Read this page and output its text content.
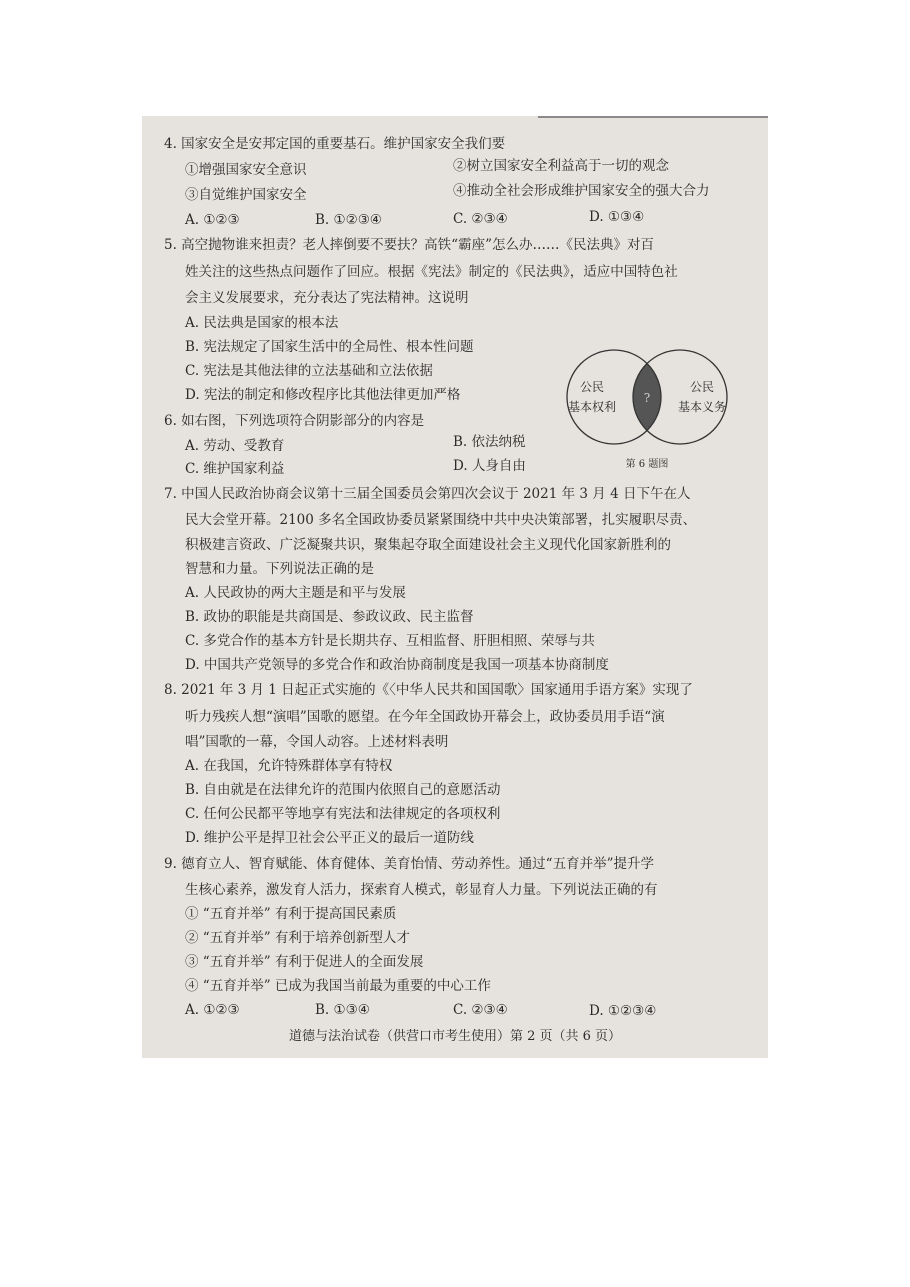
4. 国家安全是安邦定国的重要基石。维护国家安全我们要
①增强国家安全意识	②树立国家安全利益高于一切的观念
③自觉维护国家安全	④推动全社会形成维护国家安全的强大合力
A. ①②③	B. ①②③④	C. ②③④	D. ①③④
5. 高空抛物谁来担责？老人摔倒要不要扶？高铁“霸座”怎么办……《民法典》对百
姓关注的这些热点问题作了回应。根据《宪法》制定的《民法典》，适应中国特色社
会主义发展要求，充分表达了宪法精神。这说明
A. 民法典是国家的根本法
B. 宪法规定了国家生活中的全局性、根本性问题
C. 宪法是其他法律的立法基础和立法依据
D. 宪法的制定和修改程序比其他法律更加严格
6. 如右图，下列选项符合阴影部分的内容是
A. 劳动、受教育	B. 依法纳税
C. 维护国家利益	D. 人身自由
公民
基本权利
公民
基本义务
?
第 6 题图
7. 中国人民政治协商会议第十三届全国委员会第四次会议于 2021 年 3 月 4 日下午在人
民大会堂开幕。2100 多名全国政协委员紧紧围绕中共中央决策部署，扎实履职尽责、
积极建言资政、广泛凝聚共识，聚集起夺取全面建设社会主义现代化国家新胜利的
智慧和力量。下列说法正确的是
A. 人民政协的两大主题是和平与发展
B. 政协的职能是共商国是、参政议政、民主监督
C. 多党合作的基本方针是长期共存、互相监督、肝胆相照、荣辱与共
D. 中国共产党领导的多党合作和政治协商制度是我国一项基本协商制度
8. 2021 年 3 月 1 日起正式实施的《〈中华人民共和国国歌〉国家通用手语方案》实现了
听力残疾人想“演唱”国歌的愿望。在今年全国政协开幕会上，政协委员用手语“演
唱”国歌的一幕，令国人动容。上述材料表明
A. 在我国，允许特殊群体享有特权
B. 自由就是在法律允许的范围内依照自己的意愿活动
C. 任何公民都平等地享有宪法和法律规定的各项权利
D. 维护公平是捍卫社会公平正义的最后一道防线
9. 德育立人、智育赋能、体育健体、美育怡情、劳动养性。通过“五育并举”提升学
生核心素养，激发育人活力，探索育人模式，彰显育人力量。下列说法正确的有
① “五育并举” 有利于提高国民素质
② “五育并举” 有利于培养创新型人才
③ “五育并举” 有利于促进人的全面发展
④ “五育并举” 已成为我国当前最为重要的中心工作
A. ①②③	B. ①③④	C. ②③④	D. ①②③④
道德与法治试卷（供营口市考生使用）第 2 页（共 6 页）
